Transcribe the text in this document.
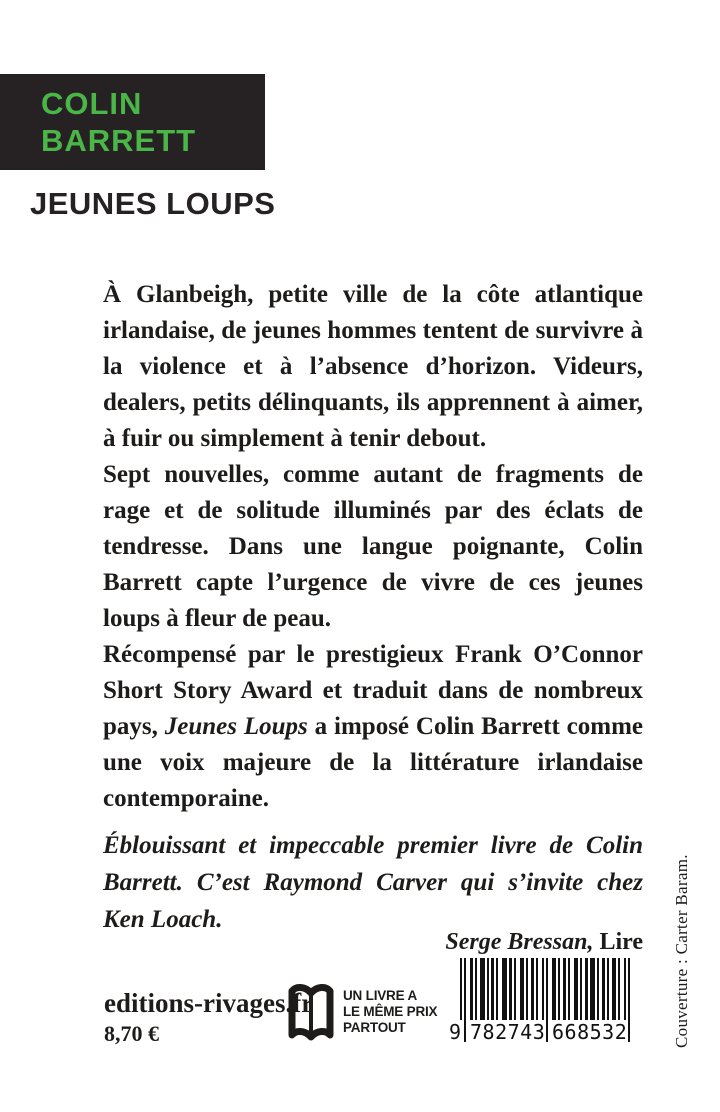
COLIN
BARRETT
JEUNES LOUPS

À Glanbeigh, petite ville de la côte atlantique irlandaise, de jeunes hommes tentent de survivre à la violence et à l’absence d’horizon. Videurs, dealers, petits délinquants, ils apprennent à aimer, à fuir ou simplement à tenir debout.

Sept nouvelles, comme autant de fragments de rage et de solitude illuminés par des éclats de tendresse. Dans une langue poignante, Colin Barrett capte l’urgence de vivre de ces jeunes loups à fleur de peau.

Récompensé par le prestigieux Frank O’Connor Short Story Award et traduit dans de nombreux pays, Jeunes Loups a imposé Colin Barrett comme une voix majeure de la littérature irlandaise contemporaine.

Éblouissant et impeccable premier livre de Colin Barrett. C’est Raymond Carver qui s’invite chez Ken Loach.
Serge Bressan, Lire
editions-rivages.fr
8,70 €
UN LIVRE A
LE MÊME PRIX
PARTOUT	9 782743 668532	Couverture : Carter Baram.
